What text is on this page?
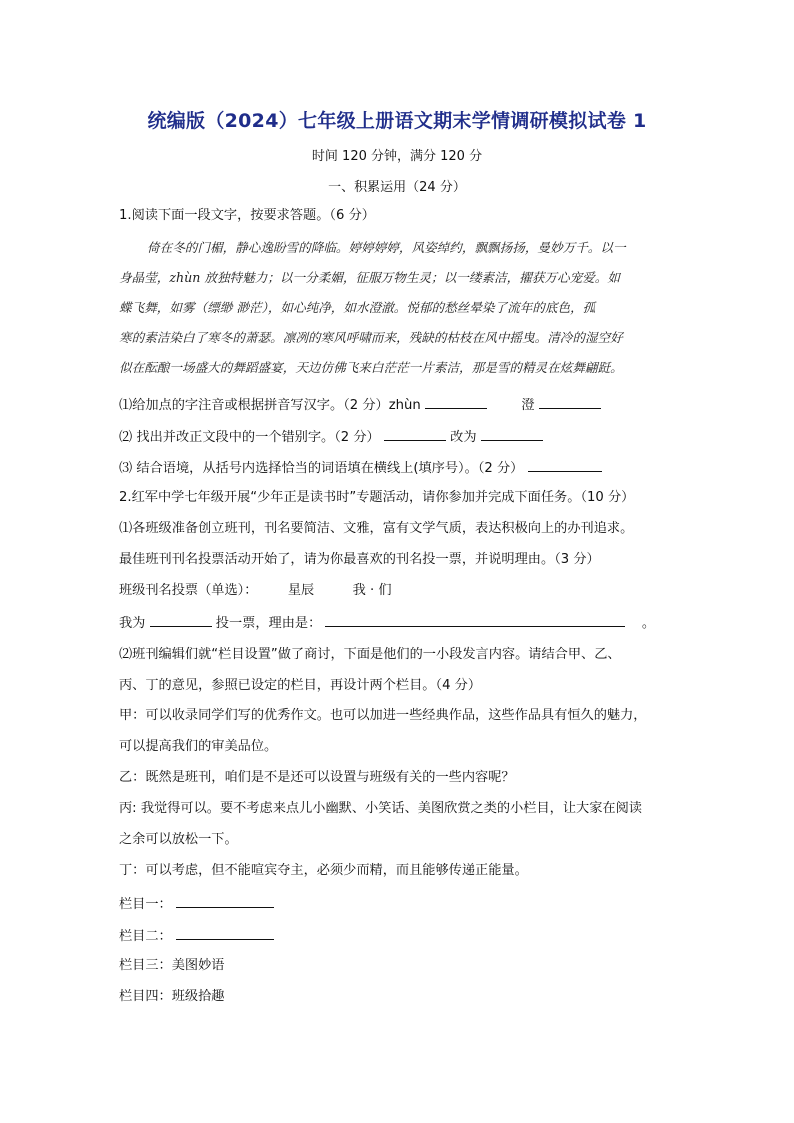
统编版（2024）七年级上册语文期末学情调研模拟试卷 1
时间 120 分钟，满分 120 分
一、积累运用（24 分）
1.阅读下面一段文字，按要求答题。（6 分）
倚在冬的门楣，静心逸盼雪的降临。婷婷婷婷，风姿绰约，飘飘扬扬，曼妙万千。以一
身晶莹，zhùn 放独特魅力；以一分柔媚，征服万物生灵；以一缕素洁，擢获万心宠爱。如
蝶飞舞，如雾（缥缈 渺茫），如心纯净，如水澄澈。悦郁的愁丝晕染了流年的底色，孤
寒的素洁染白了寒冬的萧瑟。凛冽的寒风呼啸而来，残缺的枯枝在风中摇曳。清冷的湿空好
似在酝酿一场盛大的舞蹈盛宴，天边仿佛飞来白茫茫一片素洁，那是雪的精灵在炫舞翩跹。
⑴给加点的字注音或根据拼音写汉字。（2 分）zhùn	澄
⑵ 找出并改正文段中的一个错别字。（2 分）	改为
⑶ 结合语境，从括号内选择恰当的词语填在横线上(填序号）。（2 分）
2.红军中学七年级开展“少年正是读书时”专题活动，请你参加并完成下面任务。（10 分）
⑴各班级准备创立班刊，刊名要简洁、文雅，富有文学气质，表达积极向上的办刊追求。
最佳班刊刊名投票活动开始了，请为你最喜欢的刊名投一票，并说明理由。（3 分）
班级刊名投票（单选）： 星辰	我 · 们
我为	投一票，理由是：	。
⑵班刊编辑们就“栏目设置”做了商讨，下面是他们的一小段发言内容。请结合甲、乙、
丙、丁的意见，参照已设定的栏目，再设计两个栏目。（4 分）
甲：可以收录同学们写的优秀作文。也可以加进一些经典作品，这些作品具有恒久的魅力，
可以提高我们的审美品位。
乙：既然是班刊，咱们是不是还可以设置与班级有关的一些内容呢？
丙: 我觉得可以。要不考虑来点儿小幽默、小笑话、美图欣赏之类的小栏目，让大家在阅读
之余可以放松一下。
丁：可以考虑，但不能喧宾夺主，必须少而精，而且能够传递正能量。
栏目一：
栏目二：
栏目三：美图妙语
栏目四：班级拾趣
